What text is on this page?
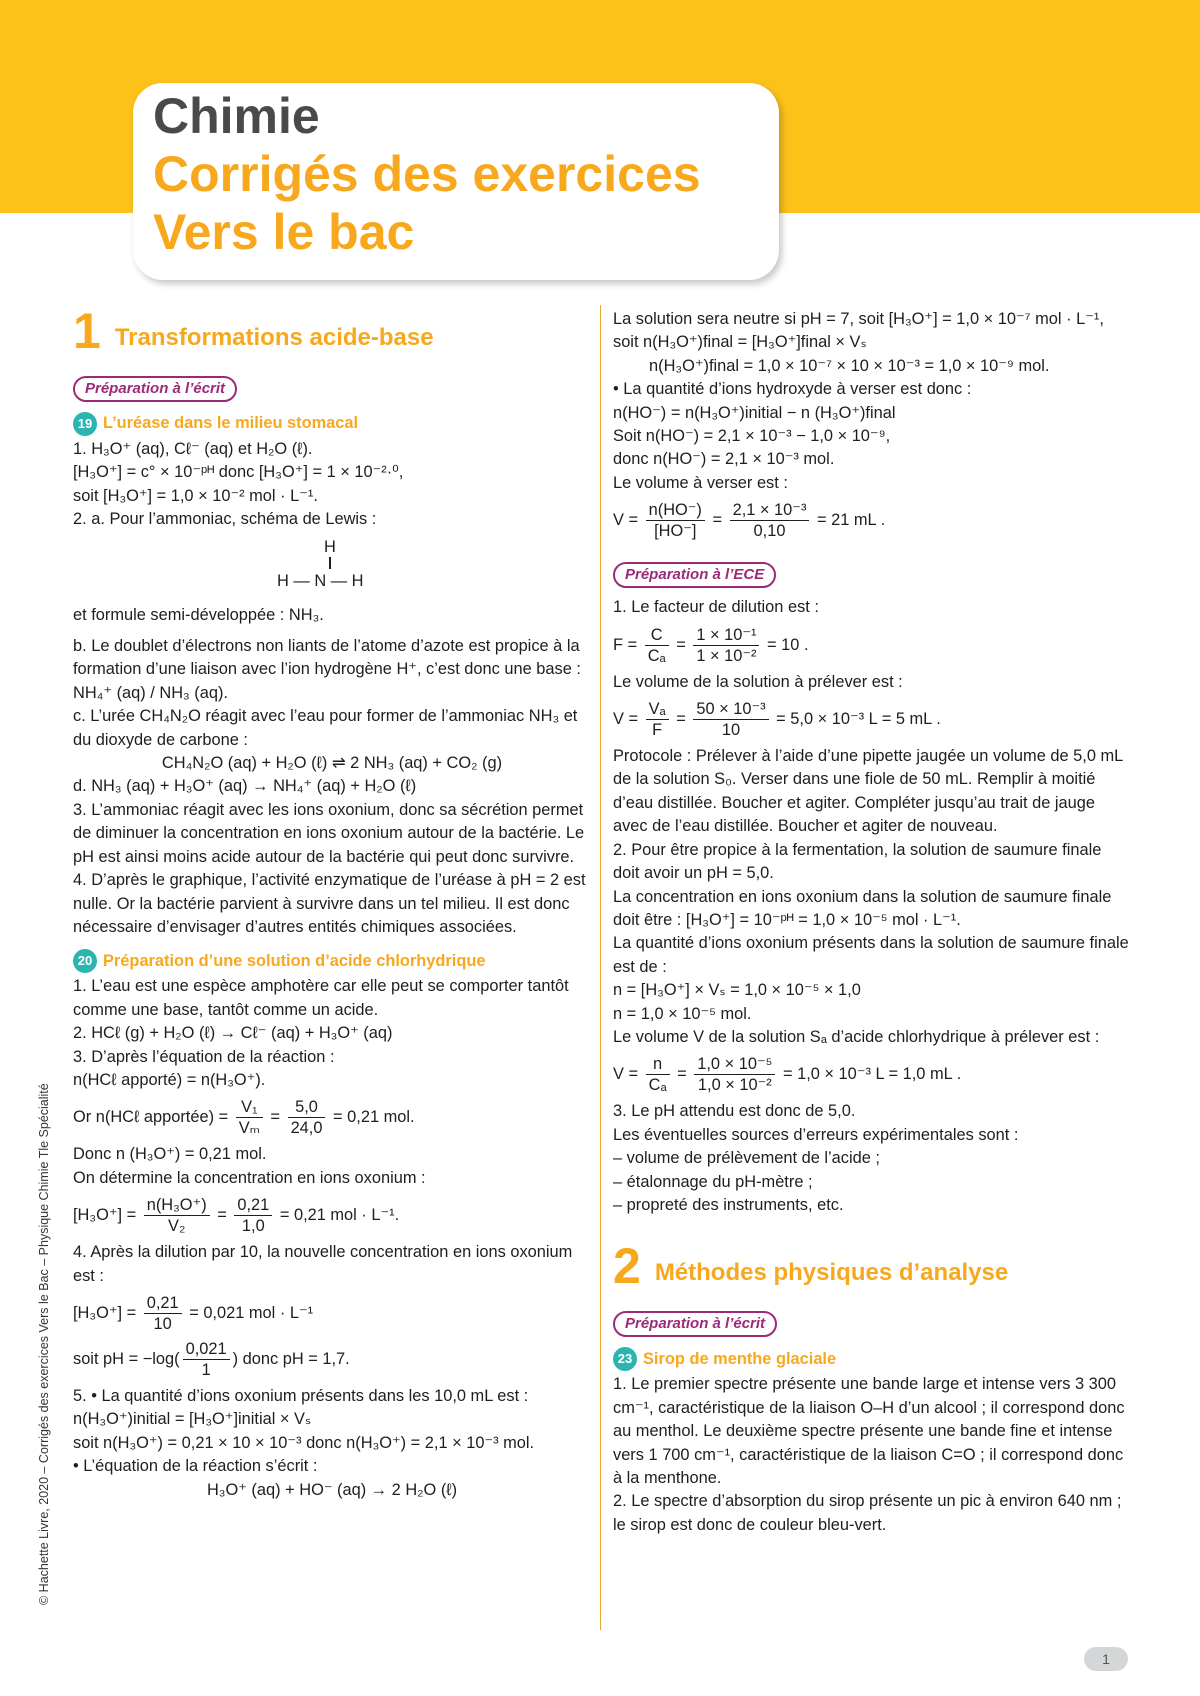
Chimie
Corrigés des exercices
Vers le bac
1 Transformations acide-base
Préparation à l’écrit
19 L’uréase dans le milieu stomacal

1. H₃O⁺ (aq), Cℓ⁻ (aq) et H₂O (ℓ).

[H₃O⁺] = c° × 10⁻ᵖᴴ donc [H₃O⁺] = 1 × 10⁻²·⁰,

soit [H₃O⁺] = 1,0 × 10⁻² mol · L⁻¹.

2. a. Pour l’ammoniac, schéma de Lewis :

H
H — N — H

et formule semi-développée : NH₃.

b. Le doublet d’électrons non liants de l’atome d’azote est propice à la formation d’une liaison avec l’ion hydrogène H⁺, c’est donc une base : NH₄⁺ (aq) / NH₃ (aq).

c. L’urée CH₄N₂O réagit avec l’eau pour former de l’ammoniac NH₃ et du dioxyde de carbone :

CH₄N₂O (aq) + H₂O (ℓ) ⇌ 2 NH₃ (aq) + CO₂ (g)

d. NH₃ (aq) + H₃O⁺ (aq) → NH₄⁺ (aq) + H₂O (ℓ)

3. L’ammoniac réagit avec les ions oxonium, donc sa sécrétion permet de diminuer la concentration en ions oxonium autour de la bactérie. Le pH est ainsi moins acide autour de la bactérie qui peut donc survivre.

4. D’après le graphique, l’activité enzymatique de l’uréase à pH = 2 est nulle. Or la bactérie parvient à survivre dans un tel milieu. Il est donc nécessaire d’envisager d’autres entités chimiques associées.

20 Préparation d’une solution d’acide chlorhydrique

1. L’eau est une espèce amphotère car elle peut se comporter tantôt comme une base, tantôt comme un acide.

2. HCℓ (g) + H₂O (ℓ) → Cℓ⁻ (aq) + H₃O⁺ (aq)

3. D’après l’équation de la réaction :

n(HCℓ apporté) = n(H₃O⁺).

Or n(HCℓ apportée) = $\frac{\text{V₁}}{\text{Vₘ}} = \frac{5,0}{24,0} = 0,21$ mol.

Donc n (H₃O⁺) = 0,21 mol.

On détermine la concentration en ions oxonium :

$[H_3O^+] = \frac{\text{n(H₃O⁺)}}{\text{V₂}} = \frac{0,21}{1,0} = 0,21$ mol · L⁻¹.

4. Après la dilution par 10, la nouvelle concentration en ions oxonium est :

$[H_3O^+] = \frac{0,21}{10} = 0,021$ mol · L⁻¹
soit pH = $-\log( \frac{0,021}{1}$ ) donc pH = 1,7.

5. • La quantité d’ions oxonium présents dans les 10,0 mL est :

n(H₃O⁺)initial = [H₃O⁺]initial × Vₛ

soit n(H₃O⁺) = 0,21 × 10 × 10⁻³ donc n(H₃O⁺) = 2,1 × 10⁻³ mol.

• L’équation de la réaction s’écrit :

H₃O⁺ (aq) + HO⁻ (aq) → 2 H₂O (ℓ)

La solution sera neutre si pH = 7, soit [H₃O⁺] = 1,0 × 10⁻⁷ mol · L⁻¹,

soit n(H₃O⁺)final = [H₃O⁺]final × Vₛ

n(H₃O⁺)final = 1,0 × 10⁻⁷ × 10 × 10⁻³ = 1,0 × 10⁻⁹ mol.

• La quantité d’ions hydroxyde à verser est donc :

n(HO⁻) = n(H₃O⁺)initial − n (H₃O⁺)final

Soit n(HO⁻) = 2,1 × 10⁻³ − 1,0 × 10⁻⁹,

donc n(HO⁻) = 2,1 × 10⁻³ mol.

Le volume à verser est :

$V = \frac{n(HO^-)}{[HO^-]} = \frac{\text{2,1 × 10⁻³}}{0,10} = 21$ mL .
Préparation à l’ECE

1. Le facteur de dilution est :

$F = \frac{C}{\text{Cₐ}} = \frac{\text{1 × 10⁻¹}}{\text{1 × 10⁻²}} = 10$ .

Le volume de la solution à prélever est :

$V = \frac{\text{Vₐ}}{F} = \frac{\text{50 × 10⁻³}}{10} = 5,0 \times 10^{-3}$ L = 5 mL .

Protocole : Prélever à l’aide d’une pipette jaugée un volume de 5,0 mL de la solution S₀. Verser dans une fiole de 50 mL. Remplir à moitié d’eau distillée. Boucher et agiter. Compléter jusqu’au trait de jauge avec de l’eau distillée. Boucher et agiter de nouveau.

2. Pour être propice à la fermentation, la solution de saumure finale doit avoir un pH = 5,0.

La concentration en ions oxonium dans la solution de saumure finale doit être : [H₃O⁺] = 10⁻ᵖᴴ = 1,0 × 10⁻⁵ mol · L⁻¹.

La quantité d’ions oxonium présents dans la solution de saumure finale est de :

n = [H₃O⁺] × Vₛ = 1,0 × 10⁻⁵ × 1,0

n = 1,0 × 10⁻⁵ mol.

Le volume V de la solution Sₐ d’acide chlorhydrique à prélever est :

$V = \frac{n}{\text{Cₐ}} = \frac{\text{1,0 × 10⁻⁵}}{\text{1,0 × 10⁻²}} = 1,0 \times 10^{-3}$ L = 1,0 mL .

3. Le pH attendu est donc de 5,0.

Les éventuelles sources d’erreurs expérimentales sont :

– volume de prélèvement de l’acide ;

– étalonnage du pH-mètre ;

– propreté des instruments, etc.

2 Méthodes physiques d’analyse
Préparation à l’écrit
23 Sirop de menthe glaciale

1. Le premier spectre présente une bande large et intense vers 3 300 cm⁻¹, caractéristique de la liaison O–H d’un alcool ; il correspond donc au menthol. Le deuxième spectre présente une bande fine et intense vers 1 700 cm⁻¹, caractéristique de la liaison C=O ; il correspond donc à la menthone.

2. Le spectre d’absorption du sirop présente un pic à environ 640 nm ; le sirop est donc de couleur bleu-vert.

© Hachette Livre, 2020 – Corrigés des exercices Vers le Bac – Physique Chimie Tle Spécialité
1
